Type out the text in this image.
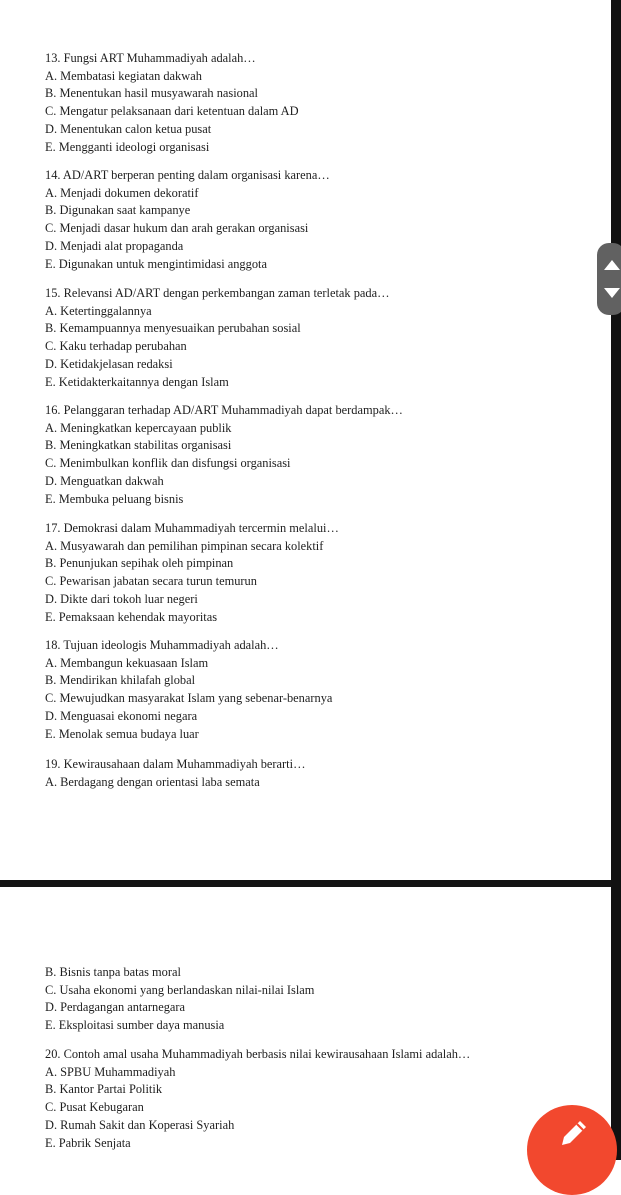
13. Fungsi ART Muhammadiyah adalah…
A. Membatasi kegiatan dakwah
B. Menentukan hasil musyawarah nasional
C. Mengatur pelaksanaan dari ketentuan dalam AD
D. Menentukan calon ketua pusat
E. Mengganti ideologi organisasi
14. AD/ART berperan penting dalam organisasi karena…
A. Menjadi dokumen dekoratif
B. Digunakan saat kampanye
C. Menjadi dasar hukum dan arah gerakan organisasi
D. Menjadi alat propaganda
E. Digunakan untuk mengintimidasi anggota
15. Relevansi AD/ART dengan perkembangan zaman terletak pada…
A. Ketertinggalannya
B. Kemampuannya menyesuaikan perubahan sosial
C. Kaku terhadap perubahan
D. Ketidakjelasan redaksi
E. Ketidakterkaitannya dengan Islam
16. Pelanggaran terhadap AD/ART Muhammadiyah dapat berdampak…
A. Meningkatkan kepercayaan publik
B. Meningkatkan stabilitas organisasi
C. Menimbulkan konflik dan disfungsi organisasi
D. Menguatkan dakwah
E. Membuka peluang bisnis
17. Demokrasi dalam Muhammadiyah tercermin melalui…
A. Musyawarah dan pemilihan pimpinan secara kolektif
B. Penunjukan sepihak oleh pimpinan
C. Pewarisan jabatan secara turun temurun
D. Dikte dari tokoh luar negeri
E. Pemaksaan kehendak mayoritas
18. Tujuan ideologis Muhammadiyah adalah…
A. Membangun kekuasaan Islam
B. Mendirikan khilafah global
C. Mewujudkan masyarakat Islam yang sebenar-benarnya
D. Menguasai ekonomi negara
E. Menolak semua budaya luar
19. Kewirausahaan dalam Muhammadiyah berarti…
A. Berdagang dengan orientasi laba semata
B. Bisnis tanpa batas moral
C. Usaha ekonomi yang berlandaskan nilai-nilai Islam
D. Perdagangan antarnegara
E. Eksploitasi sumber daya manusia
20. Contoh amal usaha Muhammadiyah berbasis nilai kewirausahaan Islami adalah…
A. SPBU Muhammadiyah
B. Kantor Partai Politik
C. Pusat Kebugaran
D. Rumah Sakit dan Koperasi Syariah
E. Pabrik Senjata
